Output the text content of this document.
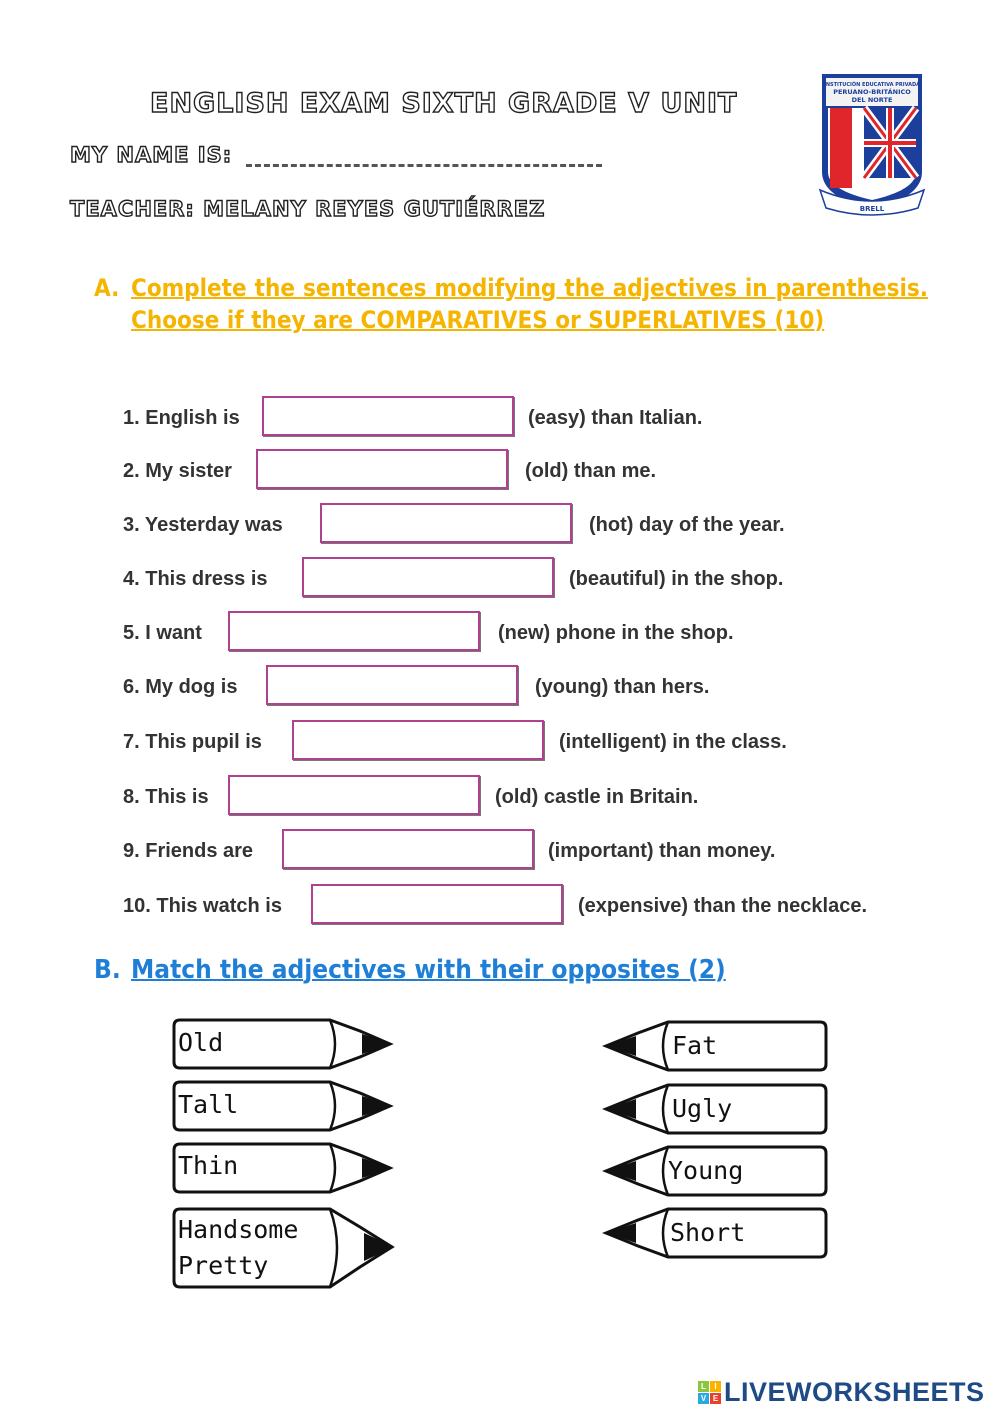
ENGLISH EXAM SIXTH GRADE V UNIT
MY NAME IS:
TEACHER: MELANY REYES GUTIÉRREZ
INSTITUCIÓN EDUCATIVA PRIVADA
PERUANO-BRITÁNICO
DEL NORTE
BRELL
A. Complete the sentences modifying the adjectives in parenthesis. Choose if they are COMPARATIVES or SUPERLATIVES (10)
1. English is	(easy) than Italian.
2. My sister	(old) than me.
3. Yesterday was	(hot) day of the year.
4. This dress is	(beautiful) in the shop.
5. I want	(new) phone in the shop.
6. My dog is	(young) than hers.
7. This pupil is	(intelligent) in the class.
8. This is	(old) castle in Britain.
9. Friends are	(important) than money.
10. This watch is	(expensive) than the necklace.
B. Match the adjectives with their opposites (2)
Old
Tall
Thin
Handsome
Pretty
Fat
Ugly
Young
Short
L	I
V E LIVEWORKSHEETS
